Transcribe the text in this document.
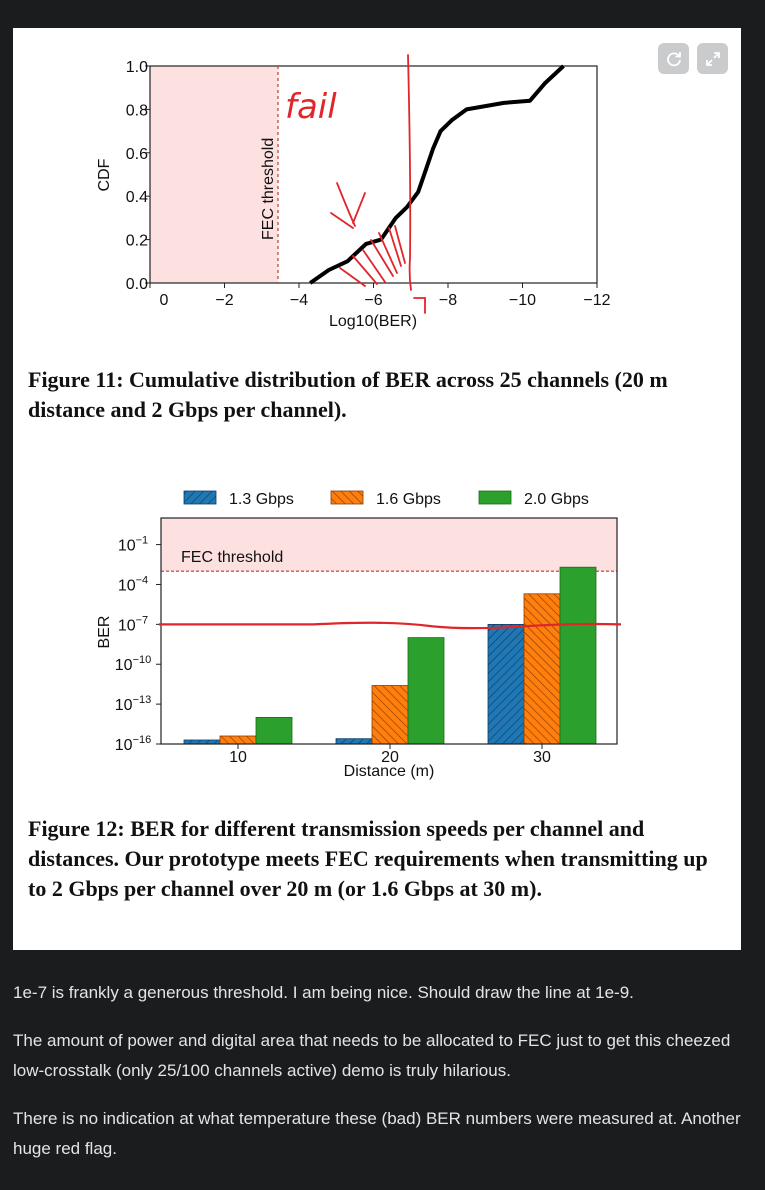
FEC threshold
0	−2	−4	−6	−8	−10	−12
0.0
0.2
0.4
0.6
0.8
1.0
Log10(BER)
CDF
fail
1.3 Gbps	1.6 Gbps	2.0 Gbps
FEC threshold
$10^{-1}$
$10^{-4}$
$10^{-7}$
$10^{-10}$
$10^{-13}$
$10^{-16}$
10	20	30
Distance (m)
BER

Figure 11: Cumulative distribution of BER across 25 channels (20 m distance and 2 Gbps per channel).

Figure 12: BER for different transmission speeds per channel and distances. Our prototype meets FEC requirements when transmitting up to 2 Gbps per channel over 20 m (or 1.6 Gbps at 30 m).

1e-7 is frankly a generous threshold. I am being nice. Should draw the line at 1e-9.

The amount of power and digital area that needs to be allocated to FEC just to get this cheezed low-crosstalk (only 25/100 channels active) demo is truly hilarious.

There is no indication at what temperature these (bad) BER numbers were measured at. Another huge red flag.
